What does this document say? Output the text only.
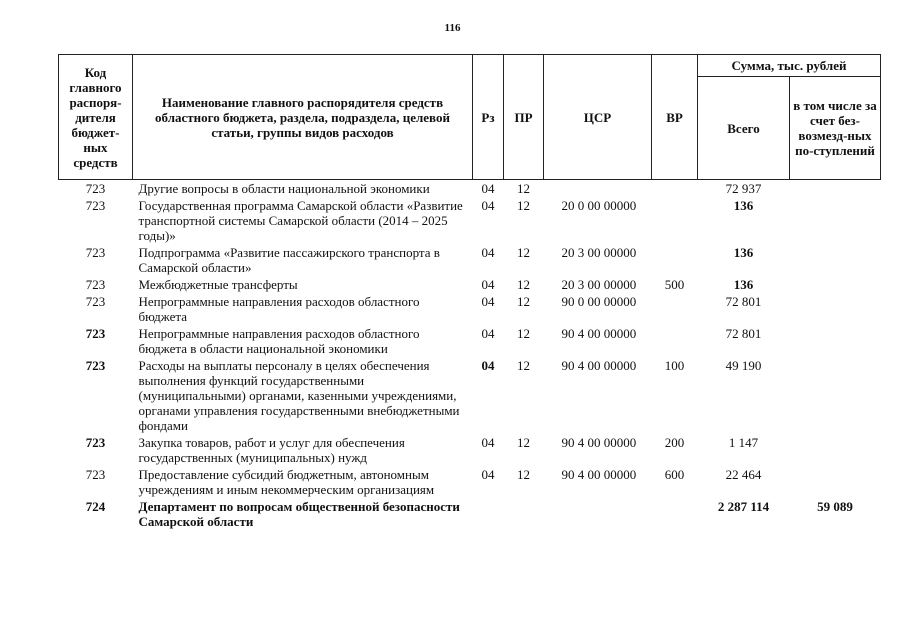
116
Код главного распоря-дителя бюджет-ных средств	Наименование главного распорядителя средств областного бюджета, раздела, подраздела, целевой статьи, группы видов расходов	Рз	ПР	ЦСР	ВР	Сумма, тыс. рублей	
						Всего	в том числе за счет без-возмезд-ных по-ступлений
723	Другие вопросы в области национальной экономики	04	12			72 937	
723	Государственная программа Самарской области «Развитие транспортной системы Самарской области (2014 – 2025 годы)»	04	12	20 0 00 00000		136	
723	Подпрограмма «Развитие пассажирского транспорта в Самарской области»	04	12	20 3 00 00000		136	
723	Межбюджетные трансферты	04	12	20 3 00 00000	500	136	
723	Непрограммные направления расходов областного бюджета	04	12	90 0 00 00000		72 801	
723	Непрограммные направления расходов областного бюджета в области национальной экономики	04	12	90 4 00 00000		72 801	
723	Расходы на выплаты персоналу в целях обеспечения выполнения функций государственными (муниципальными) органами, казенными учреждениями, органами управления государственными внебюджетными фондами	04	12	90 4 00 00000	100	49 190	
723	Закупка товаров, работ и услуг для обеспечения государственных (муниципальных) нужд	04	12	90 4 00 00000	200	1 147	
723	Предоставление субсидий бюджетным, автономным учреждениям и иным некоммерческим организациям	04	12	90 4 00 00000	600	22 464	
724	Департамент по вопросам общественной безопасности Самарской области					2 287 114	59 089
